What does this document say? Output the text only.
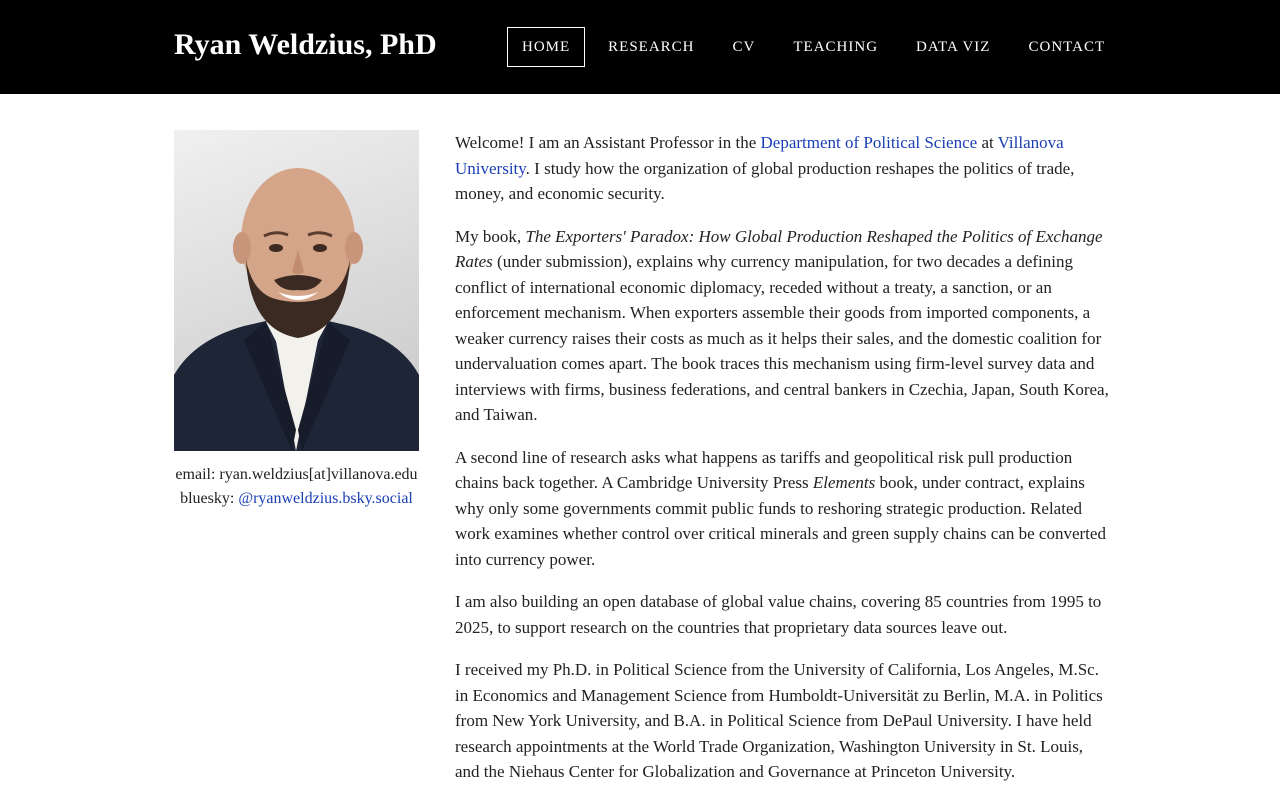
Ryan Weldzius, PhD	HOME	RESEARCH	CV	TEACHING	DATA VIZ	CONTACT
email: ryan.weldzius[at]villanova.edu
bluesky: @ryanweldzius.bsky.social

Welcome! I am an Assistant Professor in the Department of Political Science at Villanova University. I study how the organization of global production reshapes the politics of trade, money, and economic security.

My book, The Exporters' Paradox: How Global Production Reshaped the Politics of Exchange Rates (under submission), explains why currency manipulation, for two decades a defining conflict of international economic diplomacy, receded without a treaty, a sanction, or an enforcement mechanism. When exporters assemble their goods from imported components, a weaker currency raises their costs as much as it helps their sales, and the domestic coalition for undervaluation comes apart. The book traces this mechanism using firm-level survey data and interviews with firms, business federations, and central bankers in Czechia, Japan, South Korea, and Taiwan.

A second line of research asks what happens as tariffs and geopolitical risk pull production chains back together. A Cambridge University Press Elements book, under contract, explains why only some governments commit public funds to reshoring strategic production. Related work examines whether control over critical minerals and green supply chains can be converted into currency power.

I am also building an open database of global value chains, covering 85 countries from 1995 to 2025, to support research on the countries that proprietary data sources leave out.

I received my Ph.D. in Political Science from the University of California, Los Angeles, M.Sc. in Economics and Management Science from Humboldt-Universität zu Berlin, M.A. in Politics from New York University, and B.A. in Political Science from DePaul University. I have held research appointments at the World Trade Organization, Washington University in St. Louis, and the Niehaus Center for Globalization and Governance at Princeton University.
